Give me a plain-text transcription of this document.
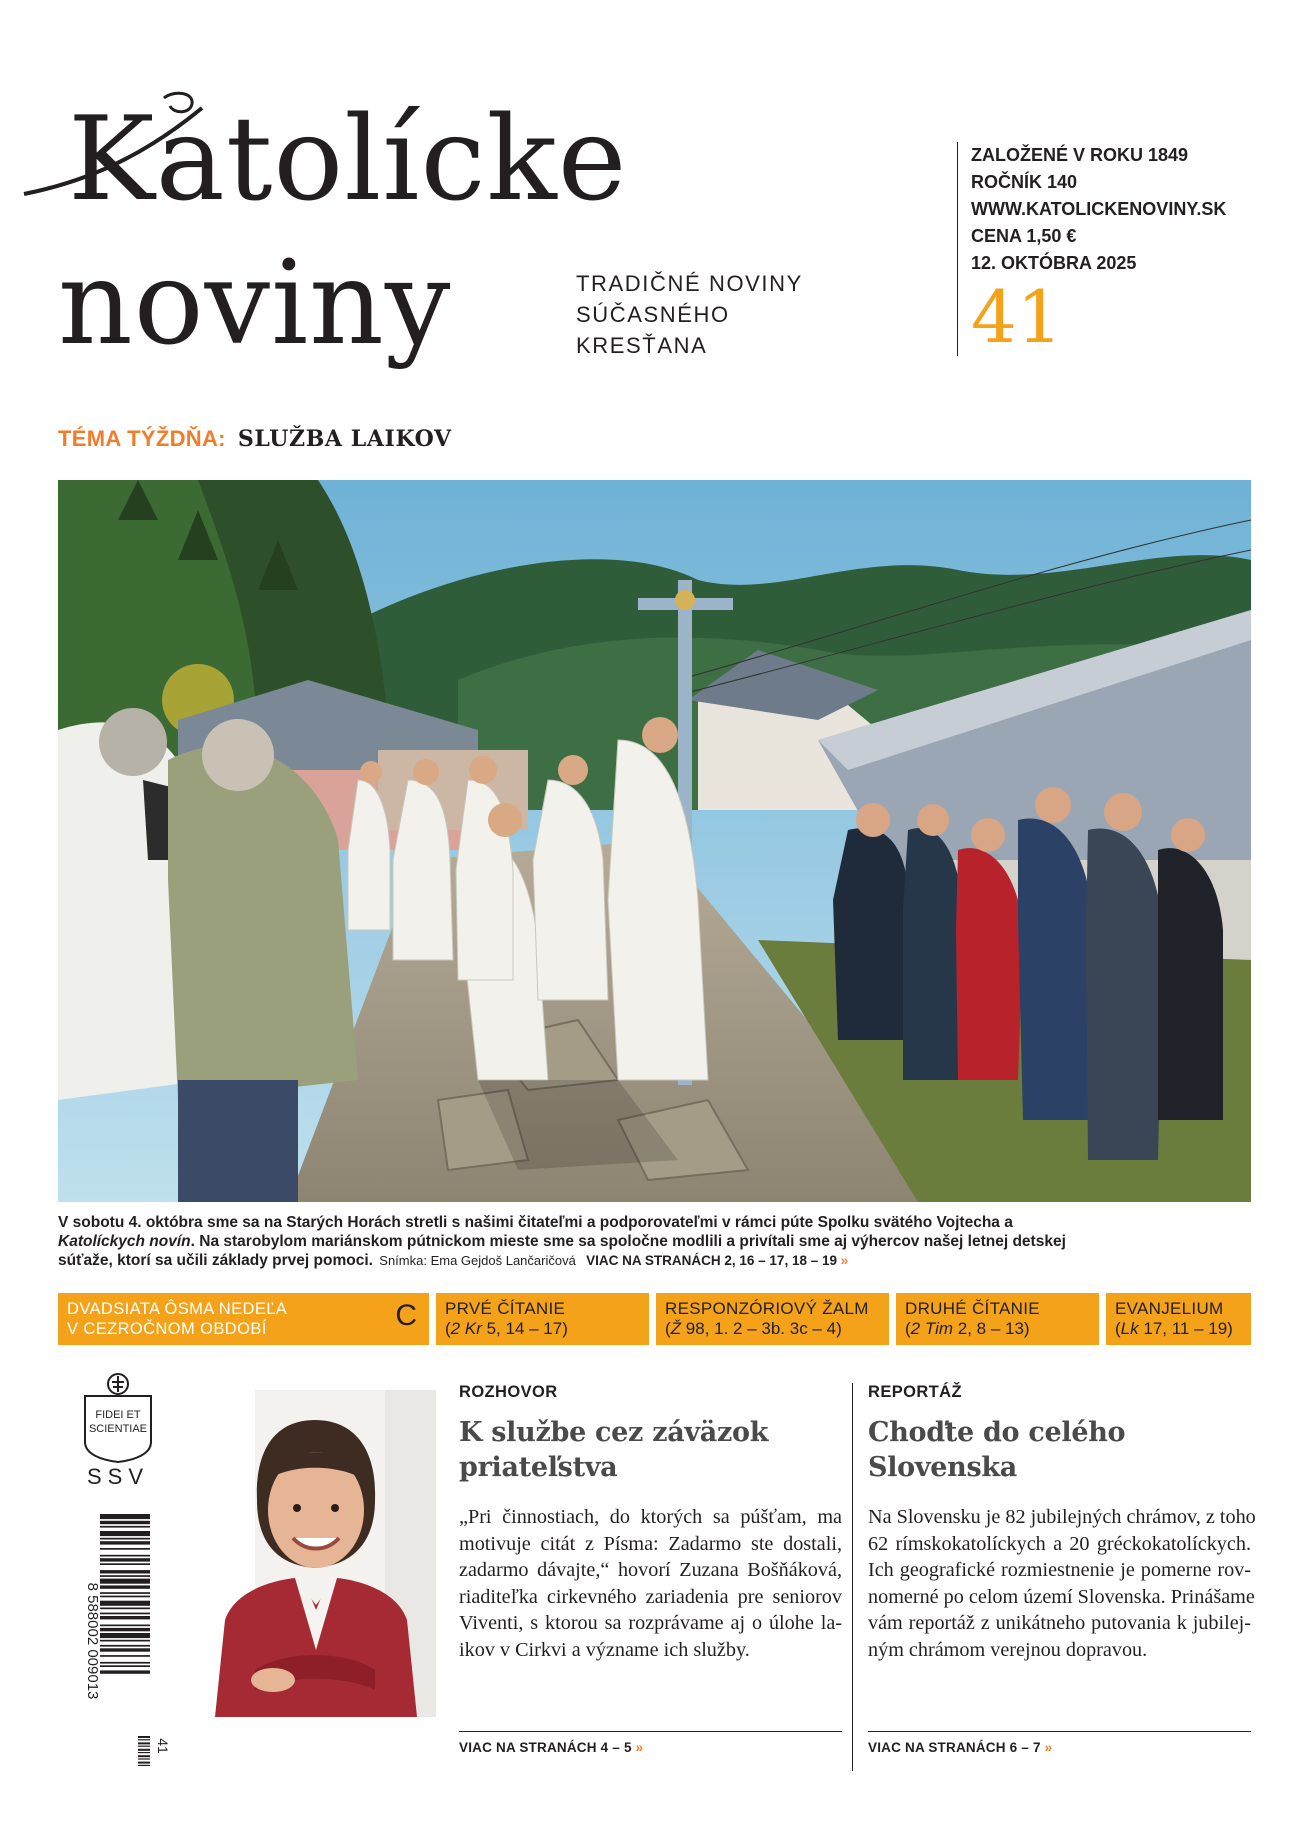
Katolícke
noviny	TRADIČNÉ NOVINY
SÚČASNÉHO
KRESŤANA
ZALOŽENÉ V ROKU 1849
ROČNÍK 140
WWW.KATOLICKENOVINY.SK
CENA 1,50 €
12. OKTÓBRA 2025
41
TÉMA TÝŽDŇA: SLUŽBA LAIKOV
V sobotu 4. októbra sme sa na Starých Horách stretli s našimi čitateľmi a podporovateľmi v rámci púte Spolku svätého Vojtecha a Katolíckych novín. Na starobylom mariánskom pútnickom mieste sme sa spoločne modlili a privítali sme aj výhercov našej letnej detskej súťaže, ktorí sa učili základy prvej pomoci. Snímka: Ema Gejdoš Lančaričová VIAC NA STRANÁCH 2, 16 – 17, 18 – 19 »
DVADSIATA ÔSMA NEDEĽA
V CEZROČNOM OBDOBÍ	C PRVÉ ČÍTANIE
(2 Kr 5, 14 – 17)
RESPONZÓRIOVÝ ŽALM
(Ž 98, 1. 2 – 3b. 3c – 4)
DRUHÉ ČÍTANIE
(2 Tim 2, 8 – 13)
EVANJELIUM
(Lk 17, 11 – 19)
FIDEI ET
SCIENTIAE
SSV
8 588002 009013
41
ROZHOVOR
K službe cez záväzok
priateľstva
„Pri činnostiach, do ktorých sa púšťam, ma
motivuje citát z Písma: Zadarmo ste dostali,
zadarmo dávajte,“ hovorí Zuzana Bošňáková,
riaditeľka cirkevného zariadenia pre seniorov
Viventi, s ktorou sa rozprávame aj o úlohe la-
ikov v Cirkvi a význame ich služby.
VIAC NA STRANÁCH 4 – 5 »
REPORTÁŽ
Choďte do celého
Slovenska
Na Slovensku je 82 jubilejných chrámov, z toho
62 rímskokatolíckych a 20 gréckokatolíckych.
Ich geografické rozmiestnenie je pomerne rov-
nomerné po celom území Slovenska. Prinášame
vám reportáž z unikátneho putovania k jubilej-
ným chrámom verejnou dopravou.
VIAC NA STRANÁCH 6 – 7 »
